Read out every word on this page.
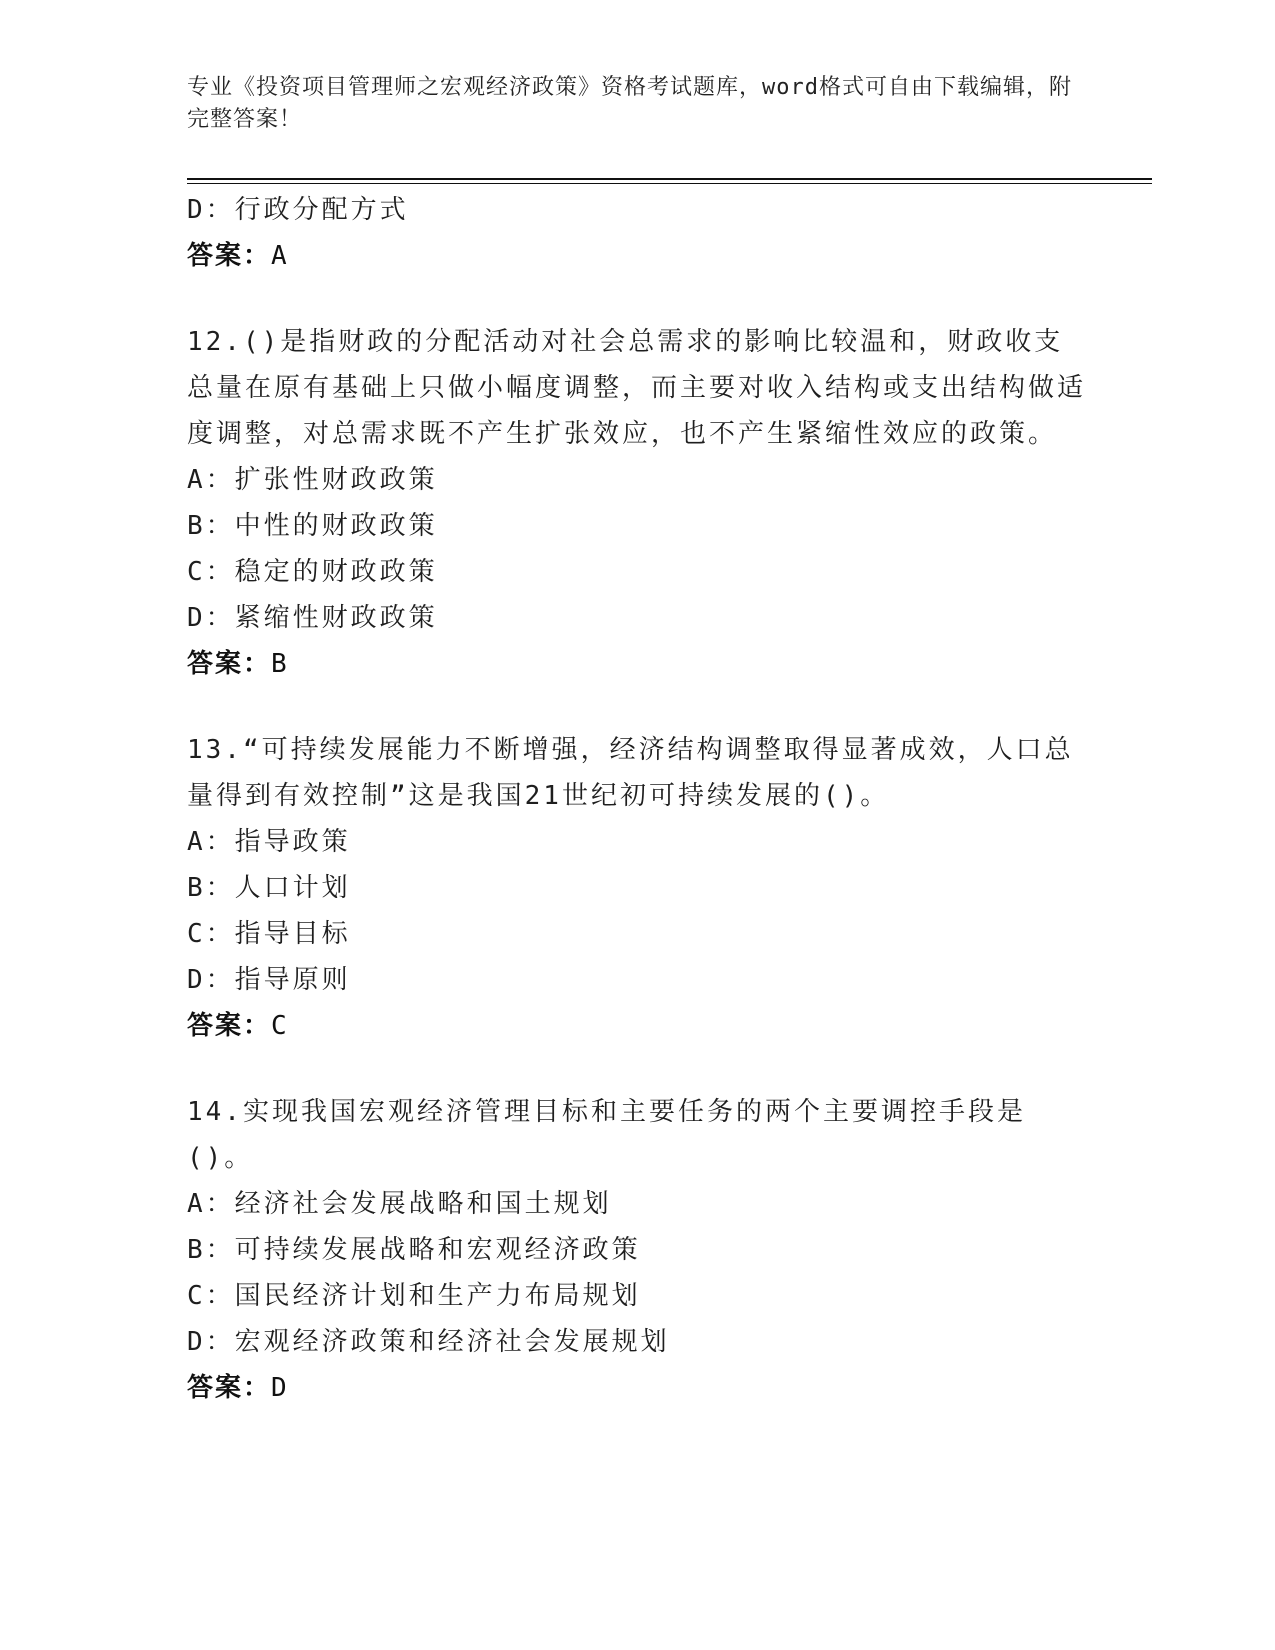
专业《投资项目管理师之宏观经济政策》资格考试题库，word格式可自由下载编辑，附完整答案！
D：行政分配方式
答案：A
12.()是指财政的分配活动对社会总需求的影响比较温和，财政收支总量在原有基础上只做小幅度调整，而主要对收入结构或支出结构做适度调整，对总需求既不产生扩张效应，也不产生紧缩性效应的政策。
A：扩张性财政政策
B：中性的财政政策
C：稳定的财政政策
D：紧缩性财政政策
答案：B
13.“可持续发展能力不断增强，经济结构调整取得显著成效，人口总量得到有效控制”这是我国21世纪初可持续发展的()。
A：指导政策
B：人口计划
C：指导目标
D：指导原则
答案：C
14.实现我国宏观经济管理目标和主要任务的两个主要调控手段是()。
A：经济社会发展战略和国土规划
B：可持续发展战略和宏观经济政策
C：国民经济计划和生产力布局规划
D：宏观经济政策和经济社会发展规划
答案：D
